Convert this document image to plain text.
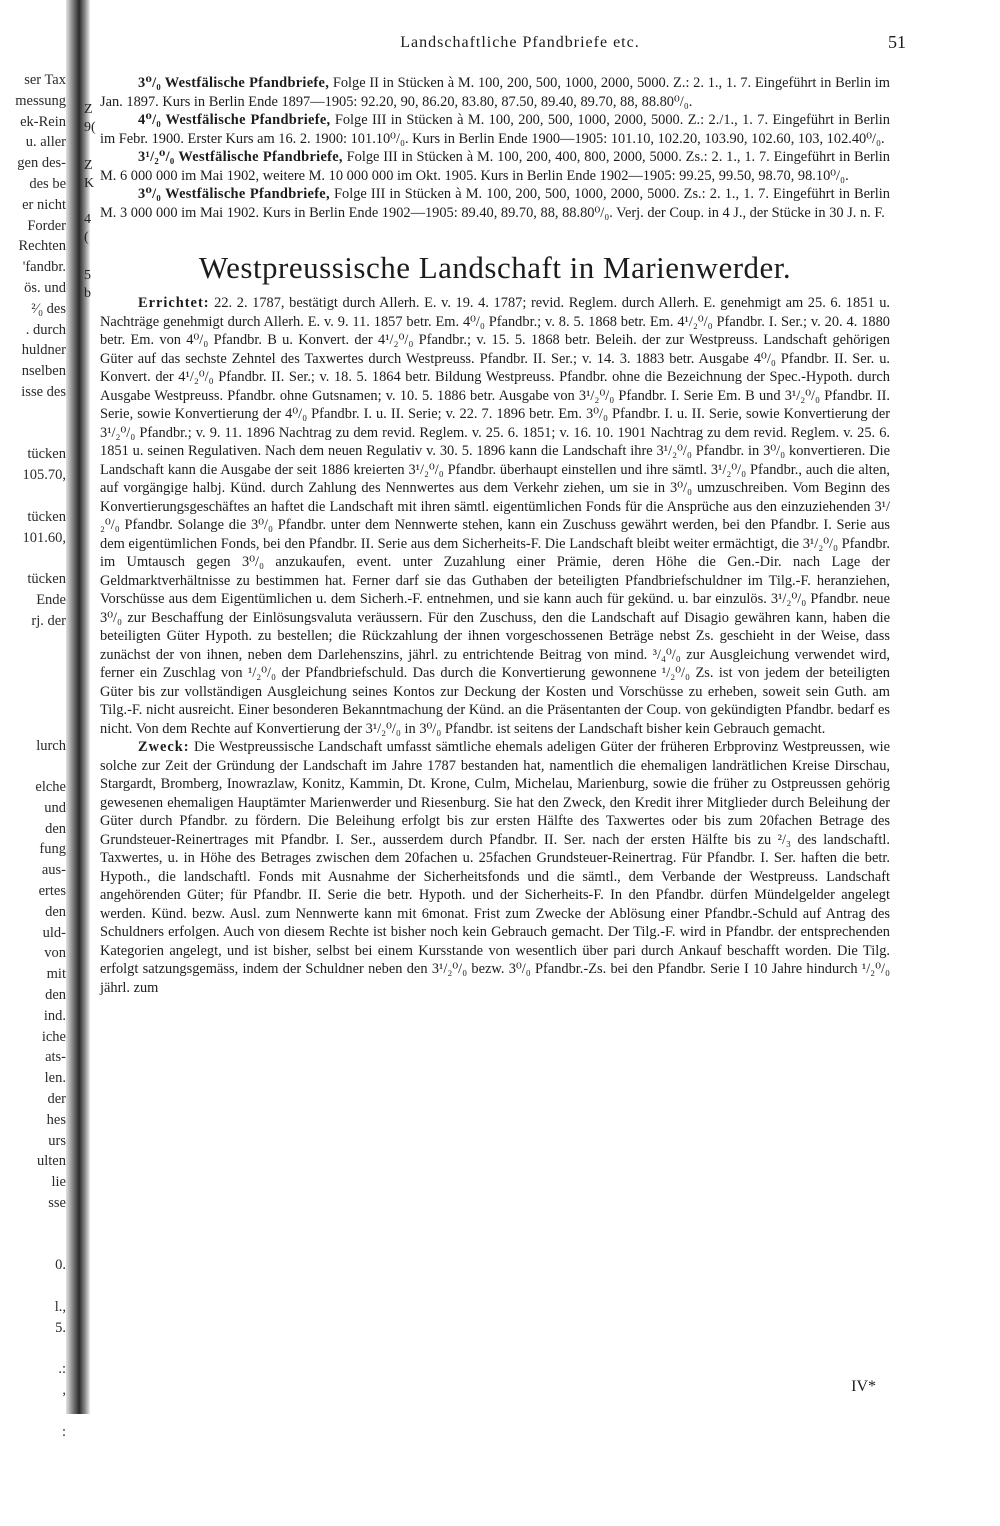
ser Tax
messung
ek-Rein
u. aller
gen des-
des be
er nicht
Forder
Rechten
'fandbr.
ös. und
²⁄₀ des
. durch
huldner
nselben
isse des
tücken
105.70,
tücken
101.60,
tücken
Ende
rj. der
lurch
elche
und
den
fung
aus-
ertes
den
uld-
von
mit
den
ind.
iche
ats-
len.
der
hes
urs
ulten
lie
sse
0.
l.,
5.
.:
,
:
Z
9(
Z
K
4
(
5
b
Landschaftliche Pfandbriefe etc.	51

3⁰/₀ Westfälische Pfandbriefe, Folge II in Stücken à M. 100, 200, 500, 1000, 2000, 5000. Z.: 2. 1., 1. 7. Eingeführt in Berlin im Jan. 1897. Kurs in Berlin Ende 1897—1905: 92.20, 90, 86.20, 83.80, 87.50, 89.40, 89.70, 88, 88.80⁰/₀.

4⁰/₀ Westfälische Pfandbriefe, Folge III in Stücken à M. 100, 200, 500, 1000, 2000, 5000. Z.: 2./1., 1. 7. Eingeführt in Berlin im Febr. 1900. Erster Kurs am 16. 2. 1900: 101.10⁰/₀. Kurs in Berlin Ende 1900—1905: 101.10, 102.20, 103.90, 102.60, 103, 102.40⁰/₀.

3¹/₂⁰/₀ Westfälische Pfandbriefe, Folge III in Stücken à M. 100, 200, 400, 800, 2000, 5000. Zs.: 2. 1., 1. 7. Eingeführt in Berlin M. 6 000 000 im Mai 1902, weitere M. 10 000 000 im Okt. 1905. Kurs in Berlin Ende 1902—1905: 99.25, 99.50, 98.70, 98.10⁰/₀.

3⁰/₀ Westfälische Pfandbriefe, Folge III in Stücken à M. 100, 200, 500, 1000, 2000, 5000. Zs.: 2. 1., 1. 7. Eingeführt in Berlin M. 3 000 000 im Mai 1902. Kurs in Berlin Ende 1902—1905: 89.40, 89.70, 88, 88.80⁰/₀. Verj. der Coup. in 4 J., der Stücke in 30 J. n. F.

Westpreussische Landschaft in Marienwerder.

Errichtet: 22. 2. 1787, bestätigt durch Allerh. E. v. 19. 4. 1787; revid. Reglem. durch Allerh. E. genehmigt am 25. 6. 1851 u. Nachträge genehmigt durch Allerh. E. v. 9. 11. 1857 betr. Em. 4⁰/₀ Pfandbr.; v. 8. 5. 1868 betr. Em. 4¹/₂⁰/₀ Pfandbr. I. Ser.; v. 20. 4. 1880 betr. Em. von 4⁰/₀ Pfandbr. B u. Konvert. der 4¹/₂⁰/₀ Pfandbr.; v. 15. 5. 1868 betr. Beleih. der zur Westpreuss. Landschaft gehörigen Güter auf das sechste Zehntel des Taxwertes durch Westpreuss. Pfandbr. II. Ser.; v. 14. 3. 1883 betr. Ausgabe 4⁰/₀ Pfandbr. II. Ser. u. Konvert. der 4¹/₂⁰/₀ Pfandbr. II. Ser.; v. 18. 5. 1864 betr. Bildung Westpreuss. Pfandbr. ohne die Bezeichnung der Spec.-Hypoth. durch Ausgabe Westpreuss. Pfandbr. ohne Gutsnamen; v. 10. 5. 1886 betr. Ausgabe von 3¹/₂⁰/₀ Pfandbr. I. Serie Em. B und 3¹/₂⁰/₀ Pfandbr. II. Serie, sowie Konvertierung der 4⁰/₀ Pfandbr. I. u. II. Serie; v. 22. 7. 1896 betr. Em. 3⁰/₀ Pfandbr. I. u. II. Serie, sowie Konvertierung der 3¹/₂⁰/₀ Pfandbr.; v. 9. 11. 1896 Nachtrag zu dem revid. Reglem. v. 25. 6. 1851; v. 16. 10. 1901 Nachtrag zu dem revid. Reglem. v. 25. 6. 1851 u. seinen Regulativen. Nach dem neuen Regulativ v. 30. 5. 1896 kann die Landschaft ihre 3¹/₂⁰/₀ Pfandbr. in 3⁰/₀ konvertieren. Die Landschaft kann die Ausgabe der seit 1886 kreierten 3¹/₂⁰/₀ Pfandbr. überhaupt einstellen und ihre sämtl. 3¹/₂⁰/₀ Pfandbr., auch die alten, auf vorgängige halbj. Künd. durch Zahlung des Nennwertes aus dem Verkehr ziehen, um sie in 3⁰/₀ umzuschreiben. Vom Beginn des Konvertierungsgeschäftes an haftet die Landschaft mit ihren sämtl. eigentümlichen Fonds für die Ansprüche aus den einzuziehenden 3¹/₂⁰/₀ Pfandbr. Solange die 3⁰/₀ Pfandbr. unter dem Nennwerte stehen, kann ein Zuschuss gewährt werden, bei den Pfandbr. I. Serie aus dem eigentümlichen Fonds, bei den Pfandbr. II. Serie aus dem Sicherheits-F. Die Landschaft bleibt weiter ermächtigt, die 3¹/₂⁰/₀ Pfandbr. im Umtausch gegen 3⁰/₀ anzukaufen, event. unter Zuzahlung einer Prämie, deren Höhe die Gen.-Dir. nach Lage der Geldmarktverhältnisse zu bestimmen hat. Ferner darf sie das Guthaben der beteiligten Pfandbriefschuldner im Tilg.-F. heranziehen, Vorschüsse aus dem Eigentümlichen u. dem Sicherh.-F. entnehmen, und sie kann auch für gekünd. u. bar einzulös. 3¹/₂⁰/₀ Pfandbr. neue 3⁰/₀ zur Beschaffung der Einlösungsvaluta veräussern. Für den Zuschuss, den die Landschaft auf Disagio gewähren kann, haben die beteiligten Güter Hypoth. zu bestellen; die Rückzahlung der ihnen vorgeschossenen Beträge nebst Zs. geschieht in der Weise, dass zunächst der von ihnen, neben dem Darlehenszins, jährl. zu entrichtende Beitrag von mind. ³/₄⁰/₀ zur Ausgleichung verwendet wird, ferner ein Zuschlag von ¹/₂⁰/₀ der Pfandbriefschuld. Das durch die Konvertierung gewonnene ¹/₂⁰/₀ Zs. ist von jedem der beteiligten Güter bis zur vollständigen Ausgleichung seines Kontos zur Deckung der Kosten und Vorschüsse zu erheben, soweit sein Guth. am Tilg.-F. nicht ausreicht. Einer besonderen Bekanntmachung der Künd. an die Präsentanten der Coup. von gekündigten Pfandbr. bedarf es nicht. Von dem Rechte auf Konvertierung der 3¹/₂⁰/₀ in 3⁰/₀ Pfandbr. ist seitens der Landschaft bisher kein Gebrauch gemacht.

Zweck: Die Westpreussische Landschaft umfasst sämtliche ehemals adeligen Güter der früheren Erbprovinz Westpreussen, wie solche zur Zeit der Gründung der Landschaft im Jahre 1787 bestanden hat, namentlich die ehemaligen landrätlichen Kreise Dirschau, Stargardt, Bromberg, Inowrazlaw, Konitz, Kammin, Dt. Krone, Culm, Michelau, Marienburg, sowie die früher zu Ostpreussen gehörig gewesenen ehemaligen Hauptämter Marienwerder und Riesenburg. Sie hat den Zweck, den Kredit ihrer Mitglieder durch Beleihung der Güter durch Pfandbr. zu fördern. Die Beleihung erfolgt bis zur ersten Hälfte des Taxwertes oder bis zum 20fachen Betrage des Grundsteuer-Reinertrages mit Pfandbr. I. Ser., ausserdem durch Pfandbr. II. Ser. nach der ersten Hälfte bis zu ²/₃ des landschaftl. Taxwertes, u. in Höhe des Betrages zwischen dem 20fachen u. 25fachen Grundsteuer-Reinertrag. Für Pfandbr. I. Ser. haften die betr. Hypoth., die landschaftl. Fonds mit Ausnahme der Sicherheitsfonds und die sämtl., dem Verbande der Westpreuss. Landschaft angehörenden Güter; für Pfandbr. II. Serie die betr. Hypoth. und der Sicherheits-F. In den Pfandbr. dürfen Mündelgelder angelegt werden. Künd. bezw. Ausl. zum Nennwerte kann mit 6monat. Frist zum Zwecke der Ablösung einer Pfandbr.-Schuld auf Antrag des Schuldners erfolgen. Auch von diesem Rechte ist bisher noch kein Gebrauch gemacht. Der Tilg.-F. wird in Pfandbr. der entsprechenden Kategorien angelegt, und ist bisher, selbst bei einem Kursstande von wesentlich über pari durch Ankauf beschafft worden. Die Tilg. erfolgt satzungsgemäss, indem der Schuldner neben den 3¹/₂⁰/₀ bezw. 3⁰/₀ Pfandbr.-Zs. bei den Pfandbr. Serie I 10 Jahre hindurch ¹/₂⁰/₀ jährl. zum

IV*
